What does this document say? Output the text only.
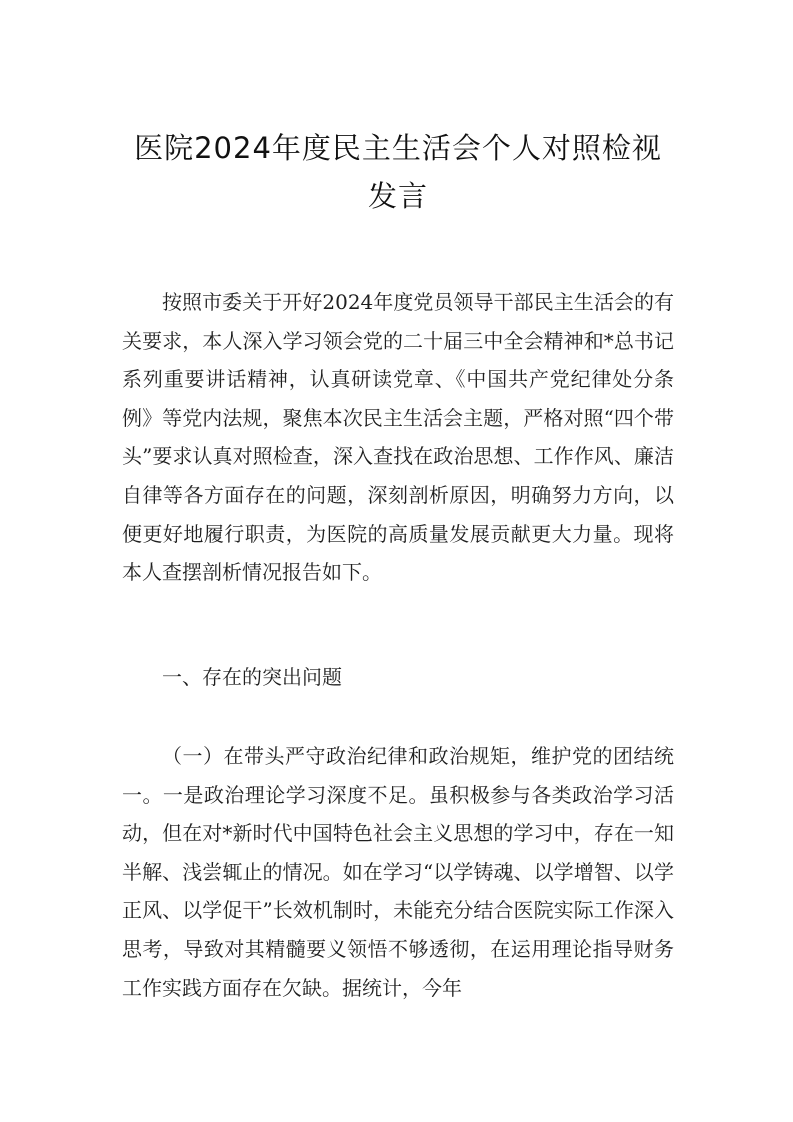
医院2024年度民主生活会个人对照检视发言
按照市委关于开好2024年度党员领导干部民主生活会的有关要求，本人深入学习领会党的二十届三中全会精神和*总书记系列重要讲话精神，认真研读党章、《中国共产党纪律处分条例》等党内法规，聚焦本次民主生活会主题，严格对照“四个带头”要求认真对照检查，深入查找在政治思想、工作作风、廉洁自律等各方面存在的问题，深刻剖析原因，明确努力方向，以便更好地履行职责，为医院的高质量发展贡献更大力量。现将本人查摆剖析情况报告如下。
一、存在的突出问题
（一）在带头严守政治纪律和政治规矩，维护党的团结统一。一是政治理论学习深度不足。虽积极参与各类政治学习活动，但在对*新时代中国特色社会主义思想的学习中，存在一知半解、浅尝辄止的情况。如在学习“以学铸魂、以学增智、以学正风、以学促干”长效机制时，未能充分结合医院实际工作深入思考，导致对其精髓要义领悟不够透彻，在运用理论指导财务工作实践方面存在欠缺。据统计，今年
